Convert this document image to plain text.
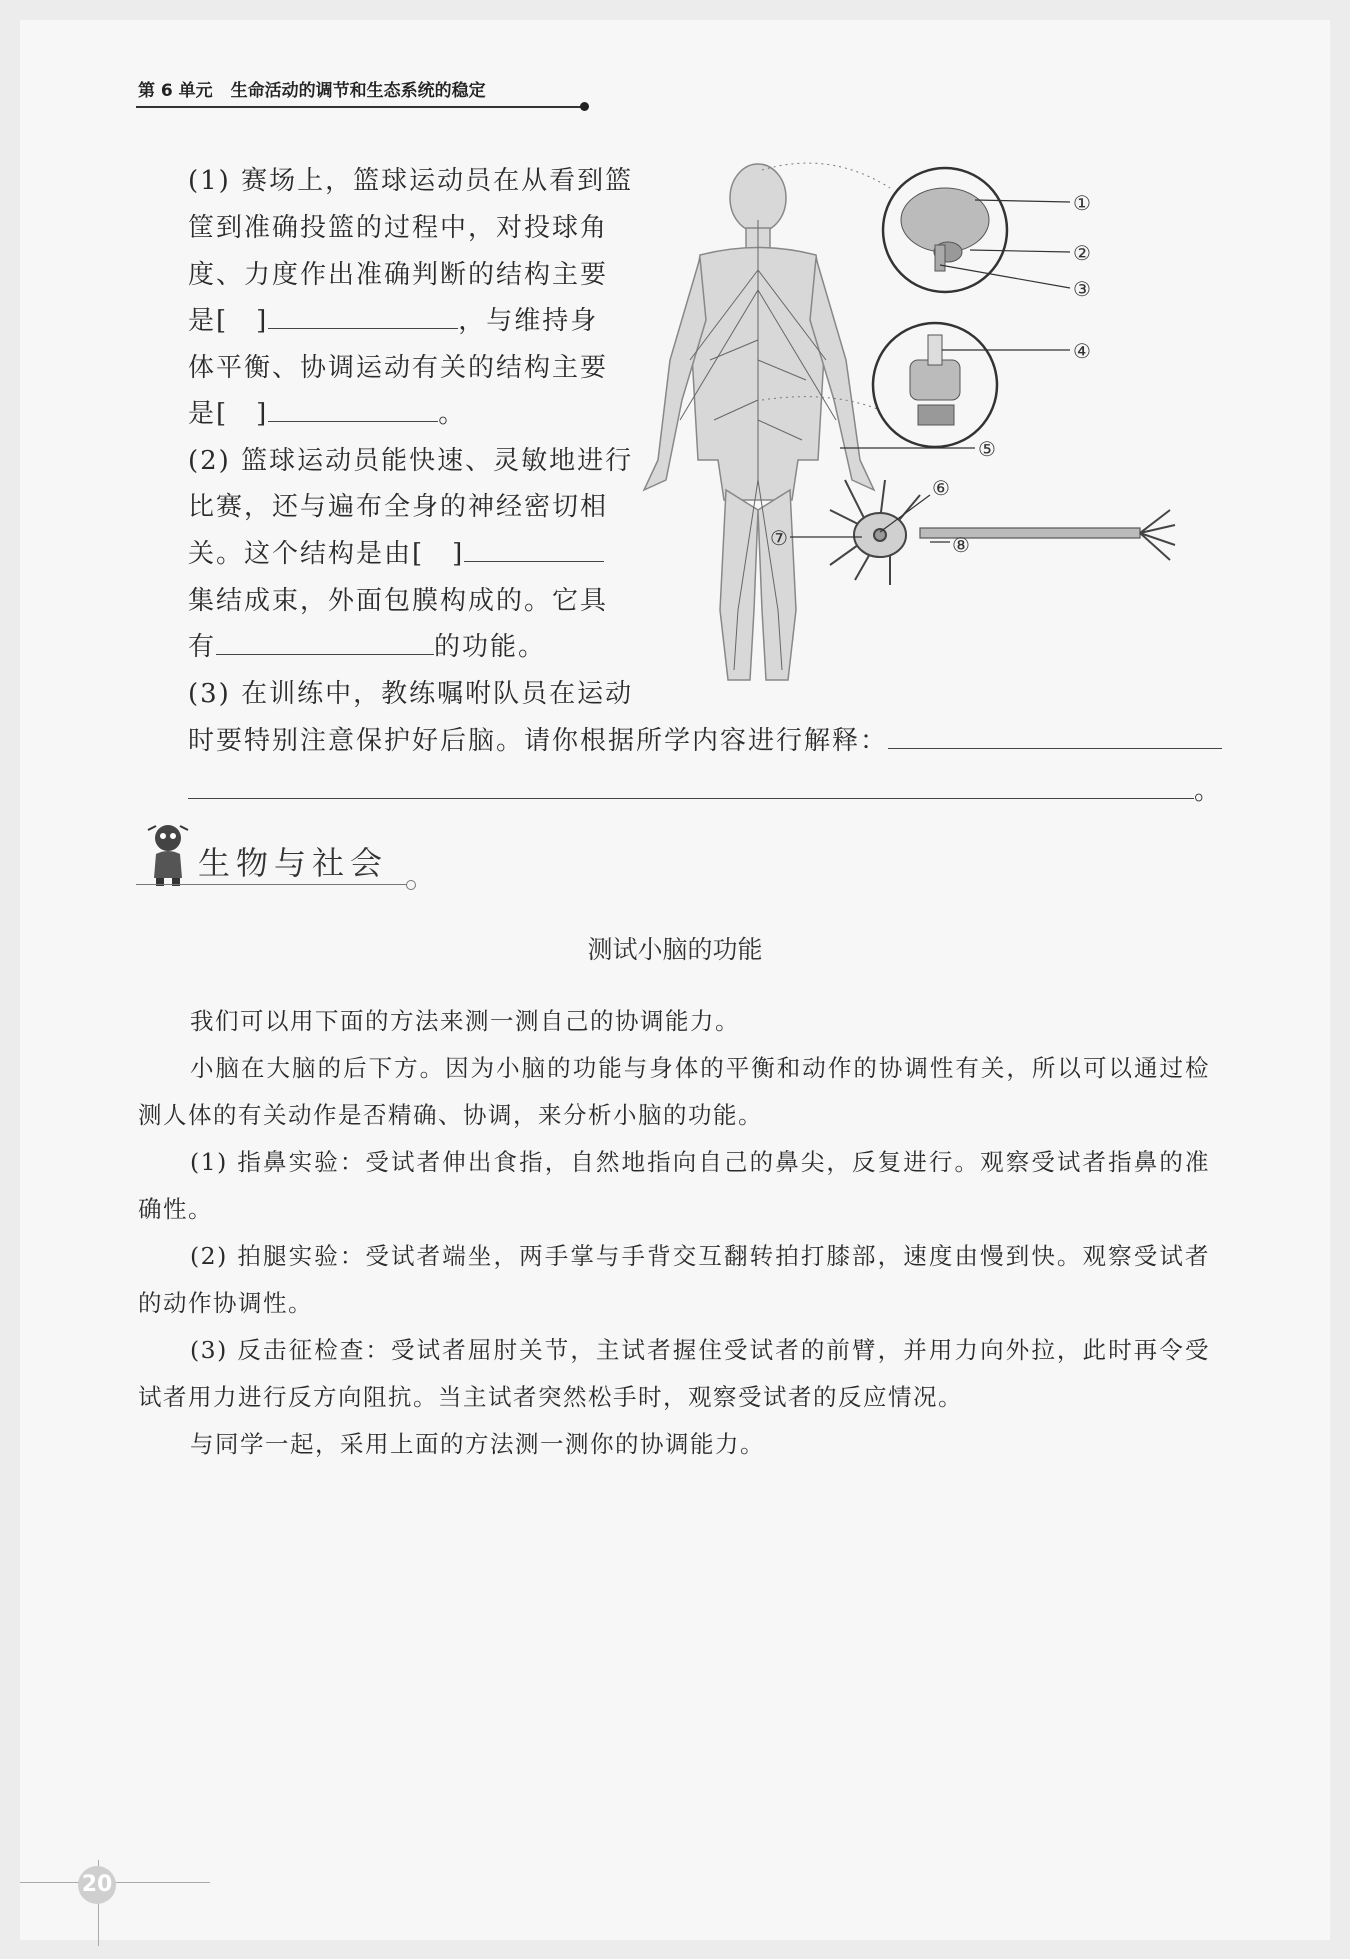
第 6 单元 生命活动的调节和生态系统的稳定
(1) 赛场上，篮球运动员在从看到篮
筐到准确投篮的过程中，对投球角
度、力度作出准确判断的结构主要
是[　]	，与维持身
体平衡、协调运动有关的结构主要
是[　]	。
(2) 篮球运动员能快速、灵敏地进行
比赛，还与遍布全身的神经密切相
关。这个结构是由[　]
集结成束，外面包膜构成的。它具
有	的功能。
(3) 在训练中，教练嘱咐队员在运动
时要特别注意保护好后脑。请你根据所学内容进行解释：
。
①
②
③
④
⑤
⑥
⑦	⑧
生物与社会
测试小脑的功能

我们可以用下面的方法来测一测自己的协调能力。

小脑在大脑的后下方。因为小脑的功能与身体的平衡和动作的协调性有关，所以可以通过检测人体的有关动作是否精确、协调，来分析小脑的功能。

(1) 指鼻实验：受试者伸出食指，自然地指向自己的鼻尖，反复进行。观察受试者指鼻的准确性。

(2) 拍腿实验：受试者端坐，两手掌与手背交互翻转拍打膝部，速度由慢到快。观察受试者的动作协调性。

(3) 反击征检查：受试者屈肘关节，主试者握住受试者的前臂，并用力向外拉，此时再令受试者用力进行反方向阻抗。当主试者突然松手时，观察受试者的反应情况。

与同学一起，采用上面的方法测一测你的协调能力。

20
